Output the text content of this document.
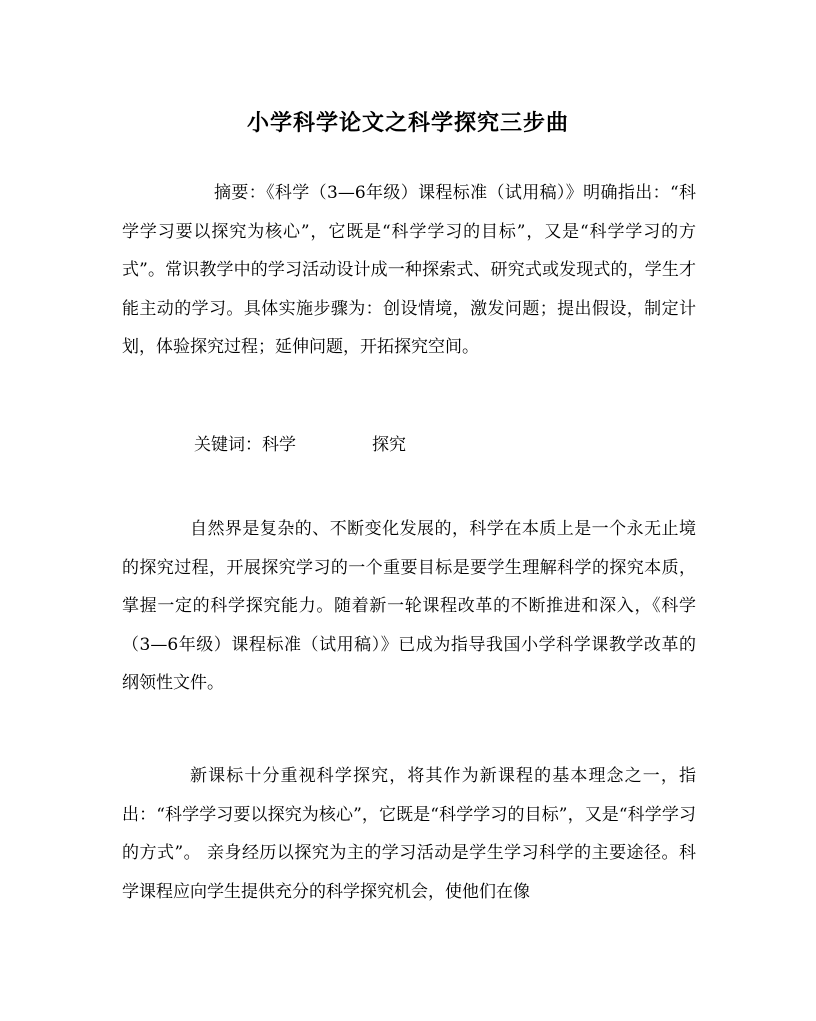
小学科学论文之科学探究三步曲

摘要：《科学（3—6年级）课程标准（试用稿）》明确指出：“科学学习要以探究为核心”，它既是“科学学习的目标”，又是“科学学习的方式”。常识教学中的学习活动设计成一种探索式、研究式或发现式的，学生才能主动的学习。具体实施步骤为：创设情境，激发问题；提出假设，制定计划，体验探究过程；延伸问题，开拓探究空间。

关键词：科学	探究

自然界是复杂的、不断变化发展的，科学在本质上是一个永无止境的探究过程，开展探究学习的一个重要目标是要学生理解科学的探究本质，掌握一定的科学探究能力。随着新一轮课程改革的不断推进和深入，《科学（3—6年级）课程标准（试用稿）》已成为指导我国小学科学课教学改革的纲领性文件。

新课标十分重视科学探究，将其作为新课程的基本理念之一，指出：“科学学习要以探究为核心”，它既是“科学学习的目标”，又是“科学学习的方式”。 亲身经历以探究为主的学习活动是学生学习科学的主要途径。科学课程应向学生提供充分的科学探究机会，使他们在像
